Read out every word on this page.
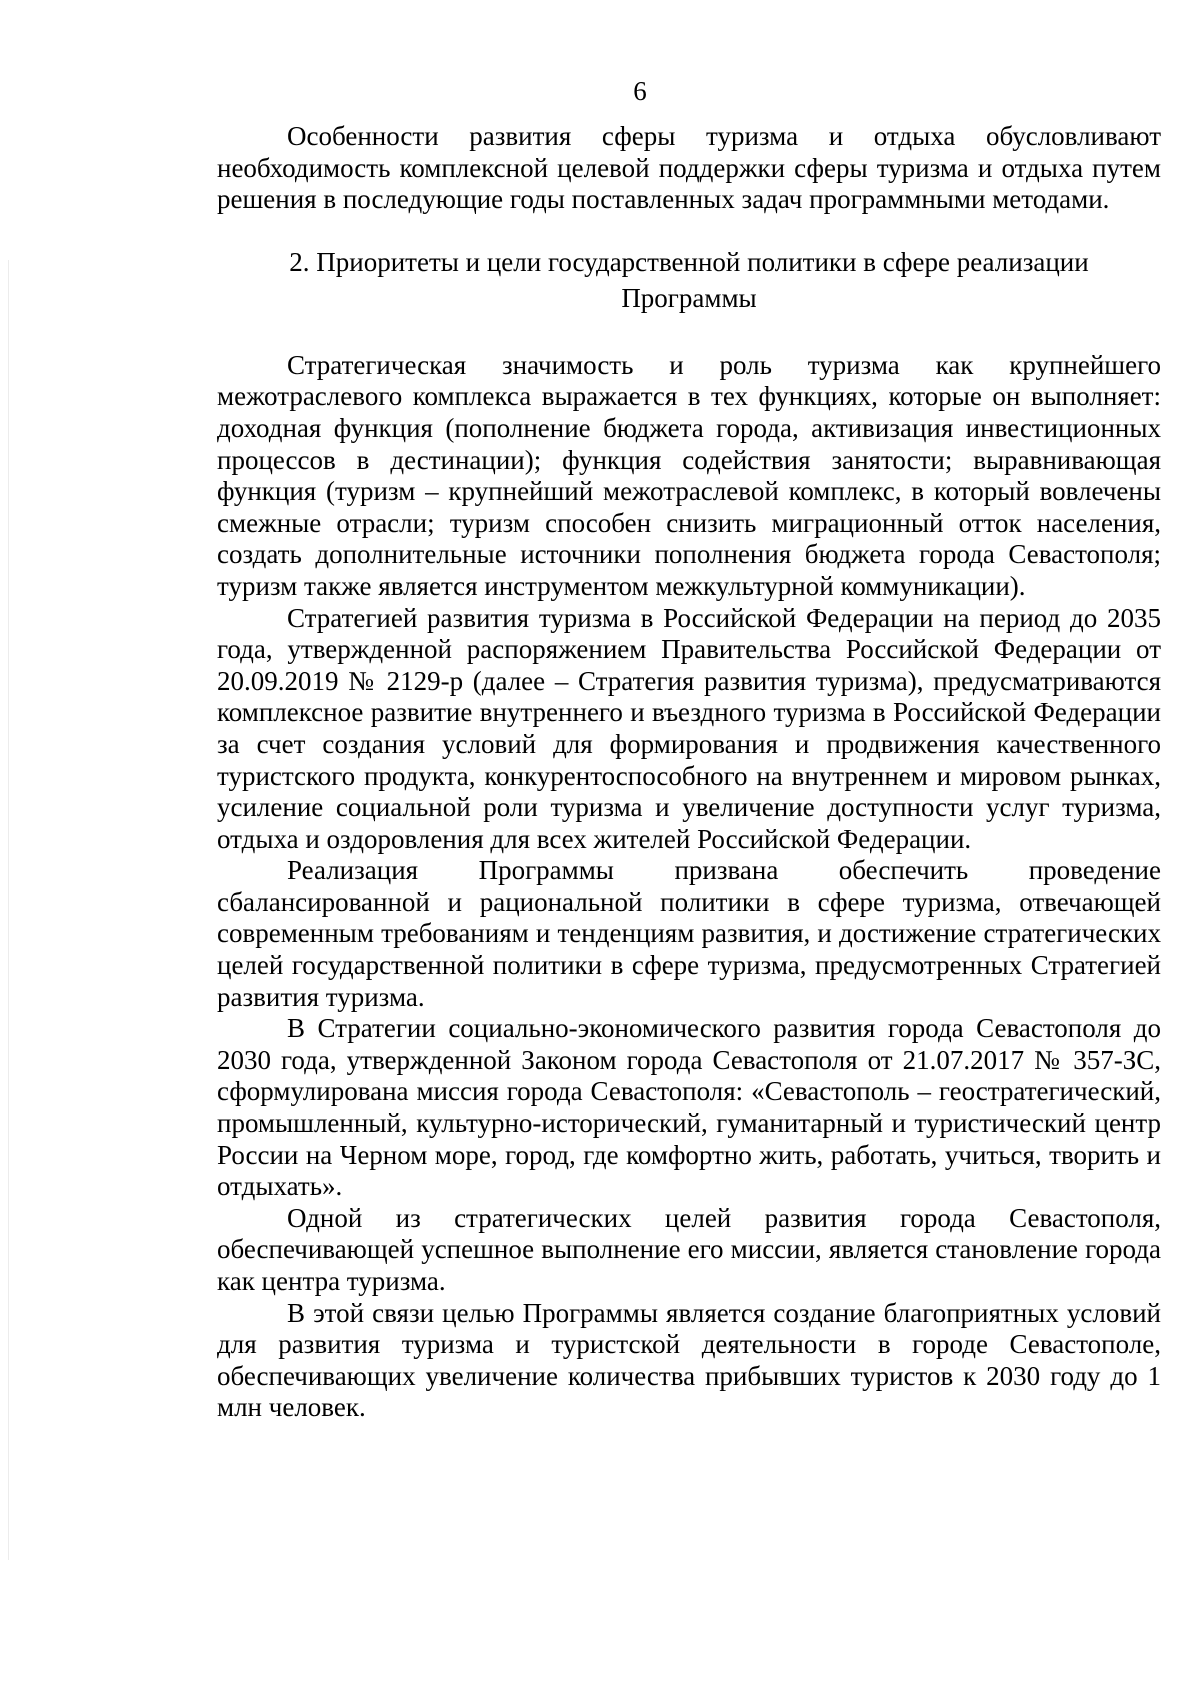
6

Особенности развития сферы туризма и отдыха обусловливают необходимость комплексной целевой поддержки сферы туризма и отдыха путем решения в последующие годы поставленных задач программными методами.

2. Приоритеты и цели государственной политики в сфере реализации
Программы

Стратегическая значимость и роль туризма как крупнейшего межотраслевого комплекса выражается в тех функциях, которые он выполняет: доходная функция (пополнение бюджета города, активизация инвестиционных процессов в дестинации); функция содействия занятости; выравнивающая функция (туризм – крупнейший межотраслевой комплекс, в который вовлечены смежные отрасли; туризм способен снизить миграционный отток населения, создать дополнительные источники пополнения бюджета города Севастополя; туризм также является инструментом межкультурной коммуникации).

Стратегией развития туризма в Российской Федерации на период до 2035 года, утвержденной распоряжением Правительства Российской Федерации от 20.09.2019 № 2129-р (далее – Стратегия развития туризма), предусматриваются комплексное развитие внутреннего и въездного туризма в Российской Федерации за счет создания условий для формирования и продвижения качественного туристского продукта, конкурентоспособного на внутреннем и мировом рынках, усиление социальной роли туризма и увеличение доступности услуг туризма, отдыха и оздоровления для всех жителей Российской Федерации.

Реализация Программы призвана обеспечить проведение сбалансированной и рациональной политики в сфере туризма, отвечающей современным требованиям и тенденциям развития, и достижение стратегических целей государственной политики в сфере туризма, предусмотренных Стратегией развития туризма.

В Стратегии социально-экономического развития города Севастополя до 2030 года, утвержденной Законом города Севастополя от 21.07.2017 № 357-ЗС, сформулирована миссия города Севастополя: «Севастополь – геостратегический, промышленный, культурно-исторический, гуманитарный и туристический центр России на Черном море, город, где комфортно жить, работать, учиться, творить и отдыхать».

Одной из стратегических целей развития города Севастополя, обеспечивающей успешное выполнение его миссии, является становление города как центра туризма.

В этой связи целью Программы является создание благоприятных условий для развития туризма и туристской деятельности в городе Севастополе, обеспечивающих увеличение количества прибывших туристов к 2030 году до 1 млн человек.
